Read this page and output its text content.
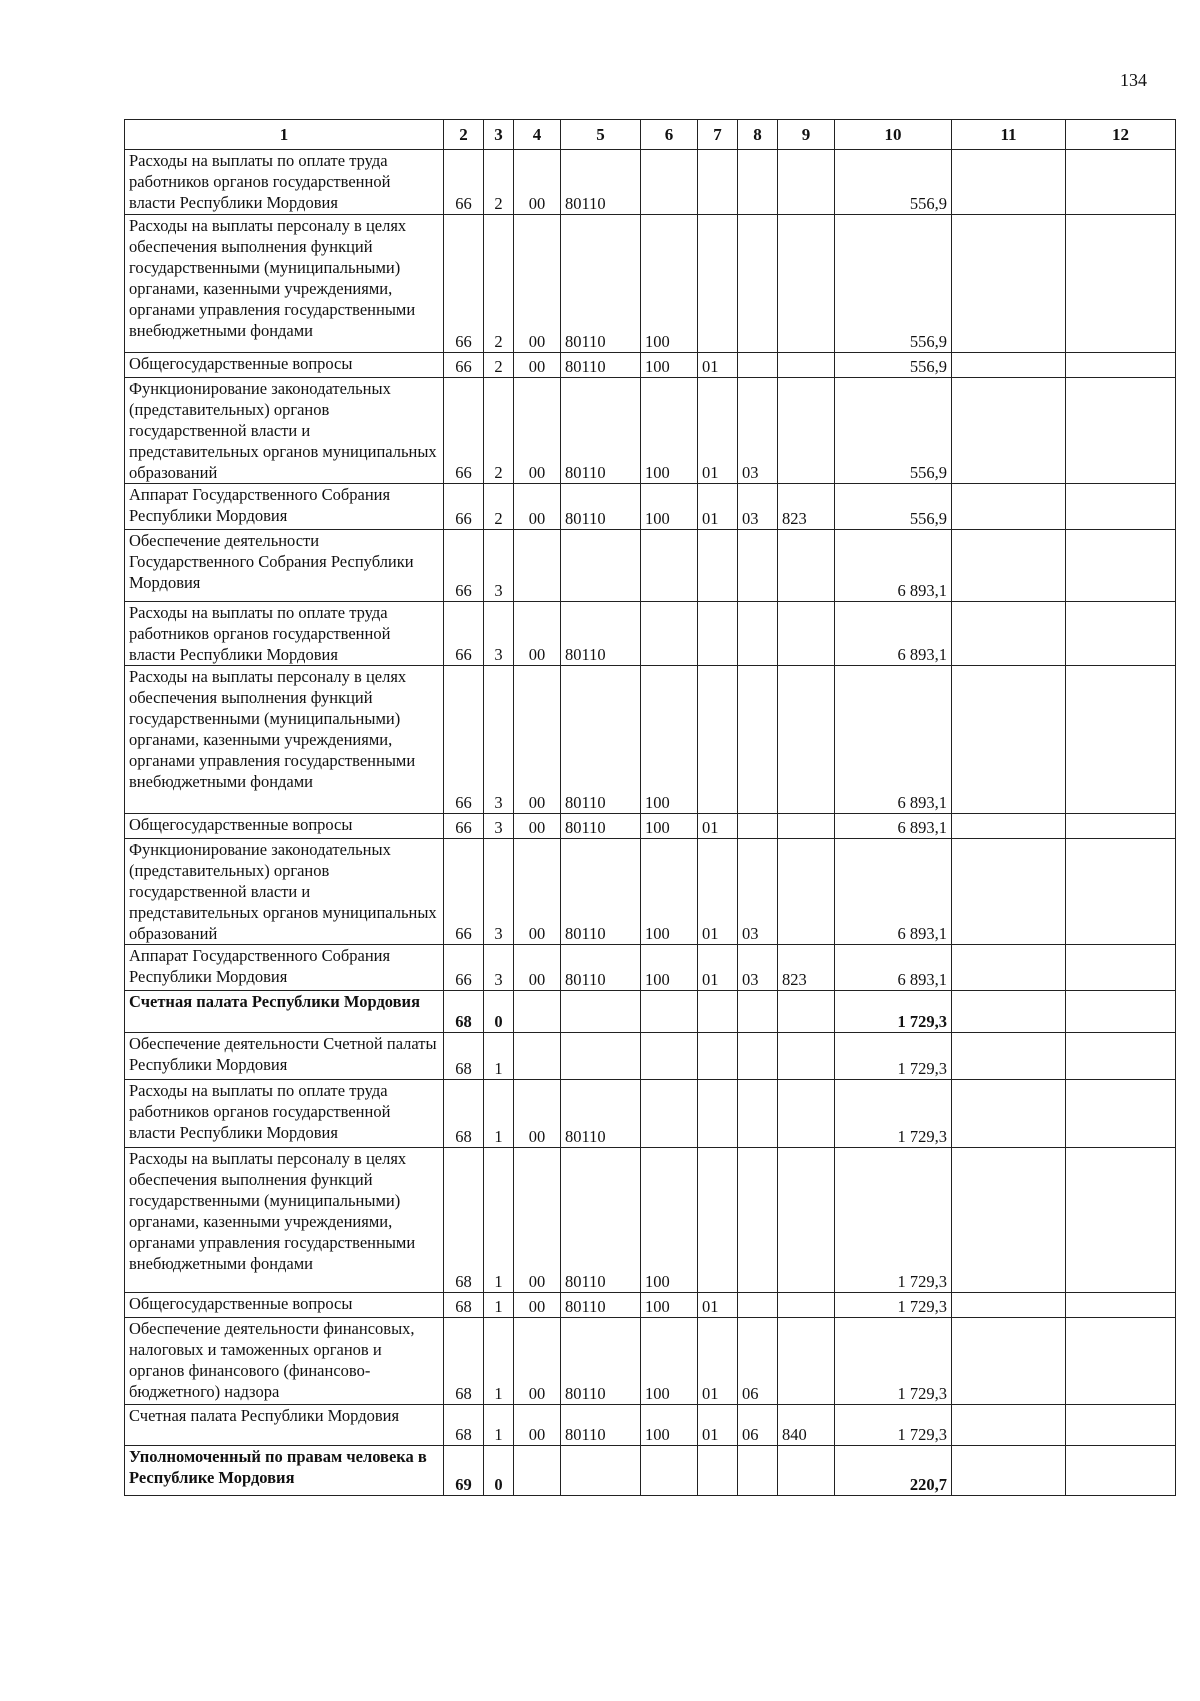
134
1	2	3	4	5	6	7	8	9	10	11	12
Расходы на выплаты по оплате труда работников органов государственной власти Республики Мордовия	66	2	00	80110					556,9		
Расходы на выплаты персоналу в целях обеспечения выполнения функций государственными (муниципальными) органами, казенными учреждениями, органами управления государственными внебюджетными фондами	66	2	00	80110	100				556,9		
Общегосударственные вопросы	66	2	00	80110	100	01			556,9		
Функционирование законодательных (представительных) органов государственной власти и представительных органов муниципальных образований	66	2	00	80110	100	01	03		556,9		
Аппарат Государственного Собрания Республики Мордовия	66	2	00	80110	100	01	03	823	556,9		
Обеспечение деятельности Государственного Собрания Республики Мордовия	66	3							6 893,1		
Расходы на выплаты по оплате труда работников органов государственной власти Республики Мордовия	66	3	00	80110					6 893,1		
Расходы на выплаты персоналу в целях обеспечения выполнения функций государственными (муниципальными) органами, казенными учреждениями, органами управления государственными внебюджетными фондами	66	3	00	80110	100				6 893,1		
Общегосударственные вопросы	66	3	00	80110	100	01			6 893,1		
Функционирование законодательных (представительных) органов государственной власти и представительных органов муниципальных образований	66	3	00	80110	100	01	03		6 893,1		
Аппарат Государственного Собрания Республики Мордовия	66	3	00	80110	100	01	03	823	6 893,1		
Счетная палата Республики Мордовия	68	0							1 729,3		
Обеспечение деятельности Счетной палаты Республики Мордовия	68	1							1 729,3		
Расходы на выплаты по оплате труда работников органов государственной власти Республики Мордовия	68	1	00	80110					1 729,3		
Расходы на выплаты персоналу в целях обеспечения выполнения функций государственными (муниципальными) органами, казенными учреждениями, органами управления государственными внебюджетными фондами	68	1	00	80110	100				1 729,3		
Общегосударственные вопросы	68	1	00	80110	100	01			1 729,3		
Обеспечение деятельности финансовых, налоговых и таможенных органов и органов финансового (финансово-бюджетного) надзора	68	1	00	80110	100	01	06		1 729,3		
Счетная палата Республики Мордовия	68	1	00	80110	100	01	06	840	1 729,3		
Уполномоченный по правам человека в Республике Мордовия	69	0							220,7		
